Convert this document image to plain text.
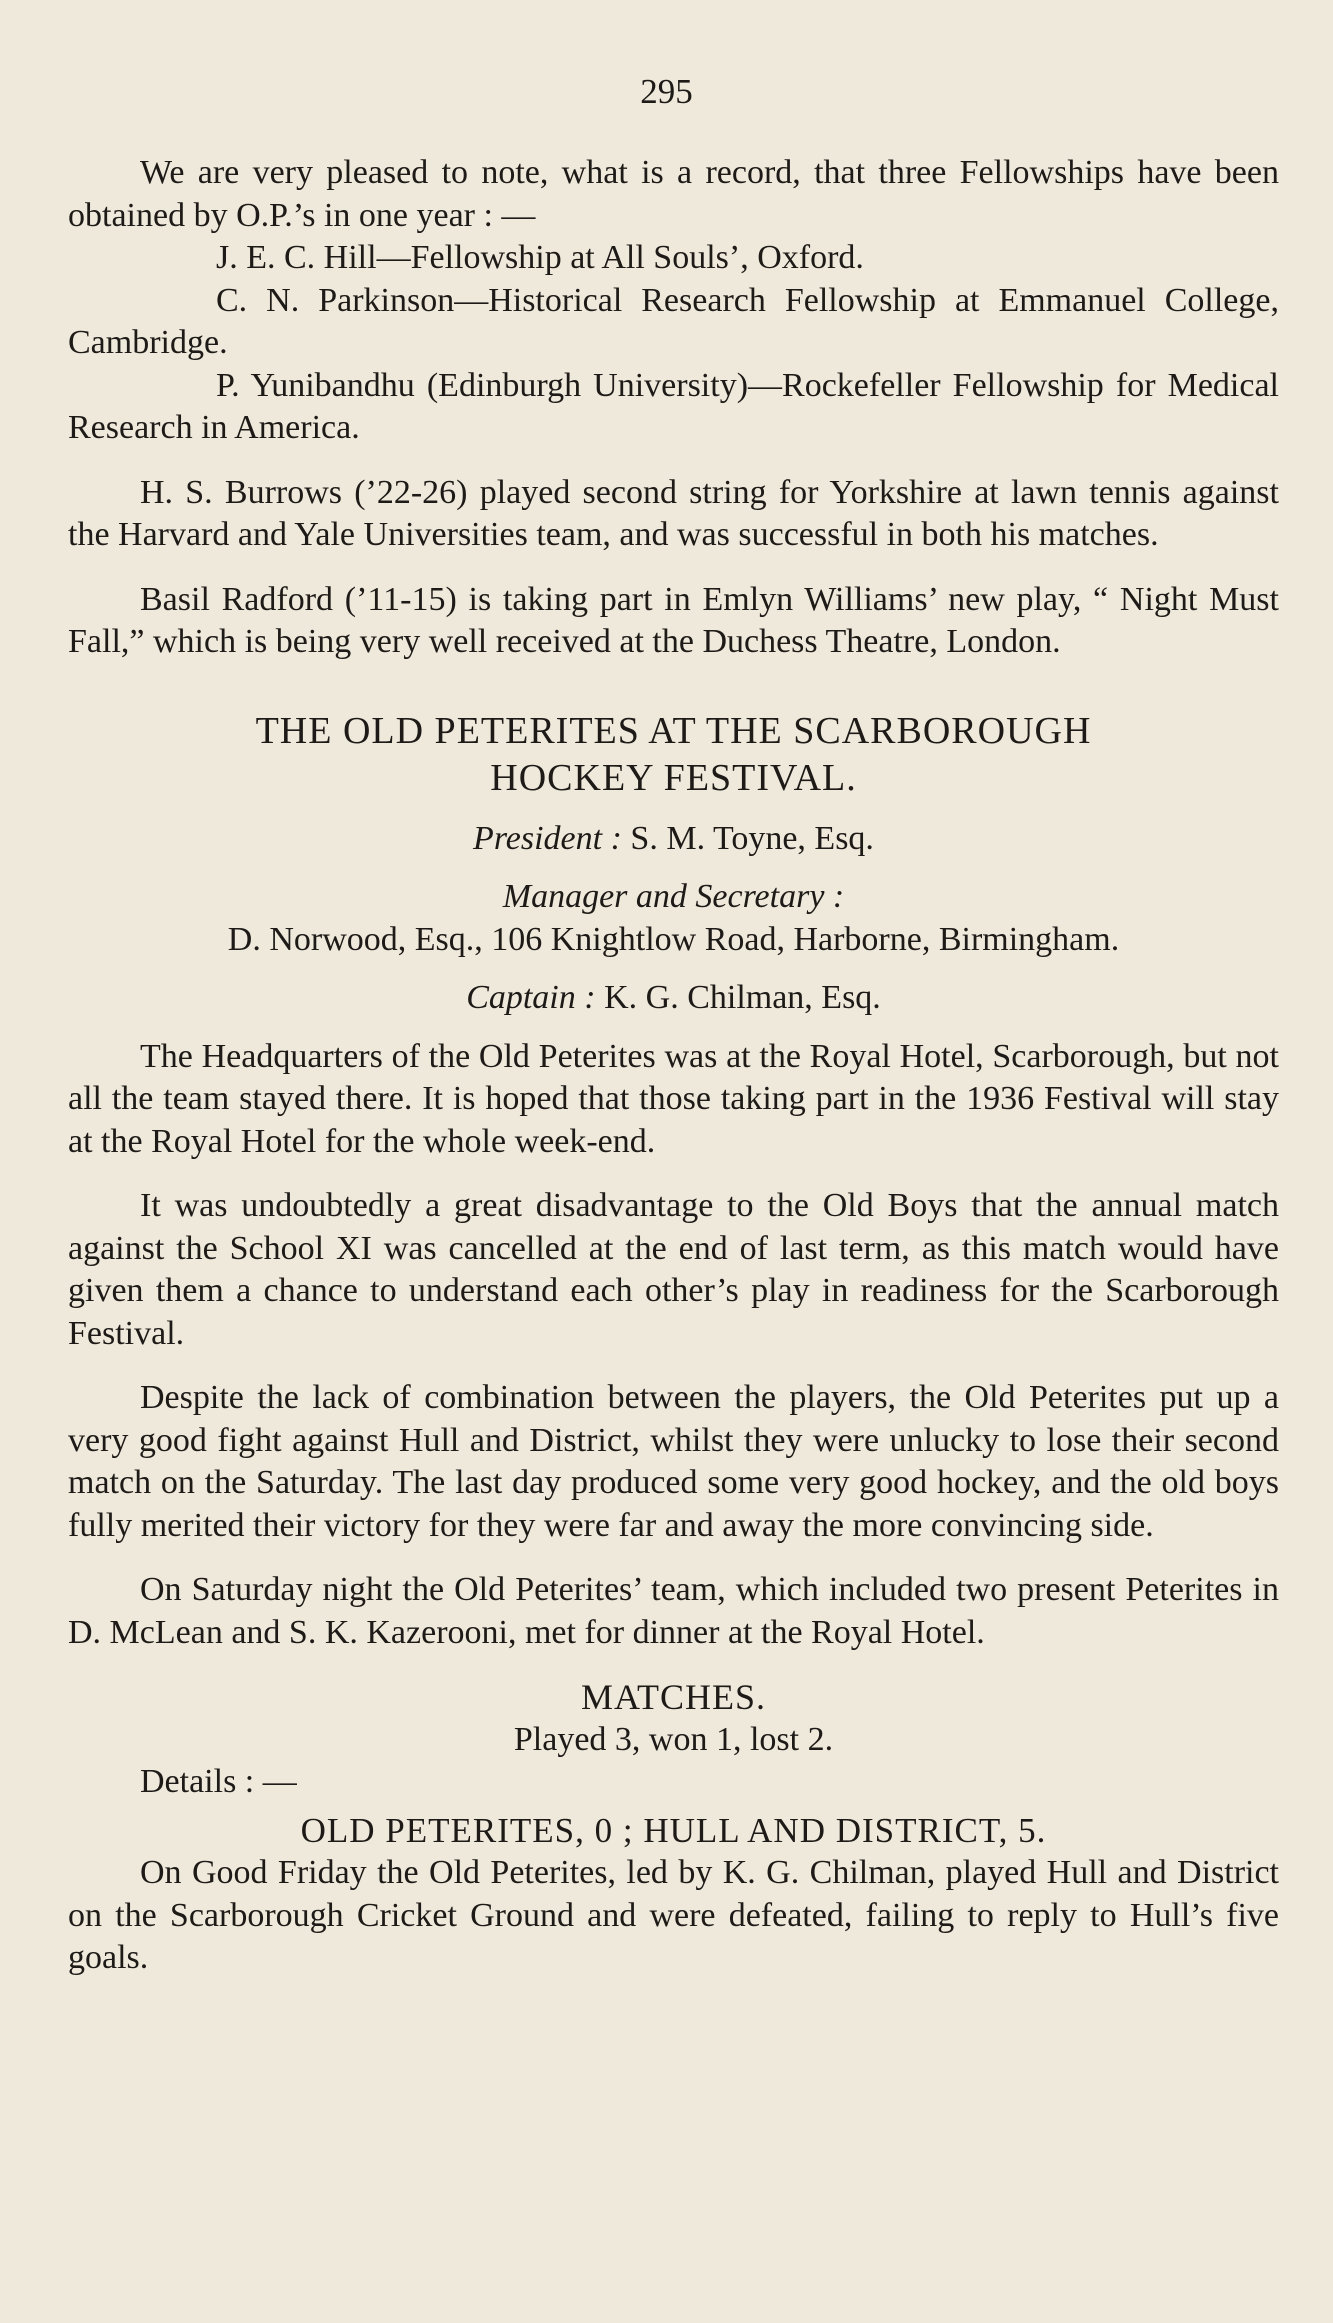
295

We are very pleased to note, what is a record, that three Fellowships have been obtained by O.P.’s in one year : —

J. E. C. Hill—Fellowship at All Souls’, Oxford.

C. N. Parkinson—Historical Research Fellowship at Emmanuel College, Cambridge.

P. Yunibandhu (Edinburgh University)—Rockefeller Fellowship for Medical Research in America.

H. S. Burrows (’22-26) played second string for Yorkshire at lawn tennis against the Harvard and Yale Universities team, and was successful in both his matches.

Basil Radford (’11-15) is taking part in Emlyn Williams’ new play, “ Night Must Fall,” which is being very well received at the Duchess Theatre, London.

THE OLD PETERITES AT THE SCARBOROUGH
HOCKEY FESTIVAL.

President : S. M. Toyne, Esq.

Manager and Secretary :

D. Norwood, Esq., 106 Knightlow Road, Harborne, Birmingham.

Captain : K. G. Chilman, Esq.

The Headquarters of the Old Peterites was at the Royal Hotel, Scarborough, but not all the team stayed there. It is hoped that those taking part in the 1936 Festival will stay at the Royal Hotel for the whole week-end.

It was undoubtedly a great disadvantage to the Old Boys that the annual match against the School XI was cancelled at the end of last term, as this match would have given them a chance to understand each other’s play in readiness for the Scarborough Festival.

Despite the lack of combination between the players, the Old Peterites put up a very good fight against Hull and District, whilst they were unlucky to lose their second match on the Saturday. The last day produced some very good hockey, and the old boys fully merited their victory for they were far and away the more convincing side.

On Saturday night the Old Peterites’ team, which included two present Peterites in D. McLean and S. K. Kazerooni, met for dinner at the Royal Hotel.

MATCHES.

Played 3, won 1, lost 2.

Details : —

OLD PETERITES, 0 ; HULL AND DISTRICT, 5.

On Good Friday the Old Peterites, led by K. G. Chilman, played Hull and District on the Scarborough Cricket Ground and were defeated, failing to reply to Hull’s five goals.
